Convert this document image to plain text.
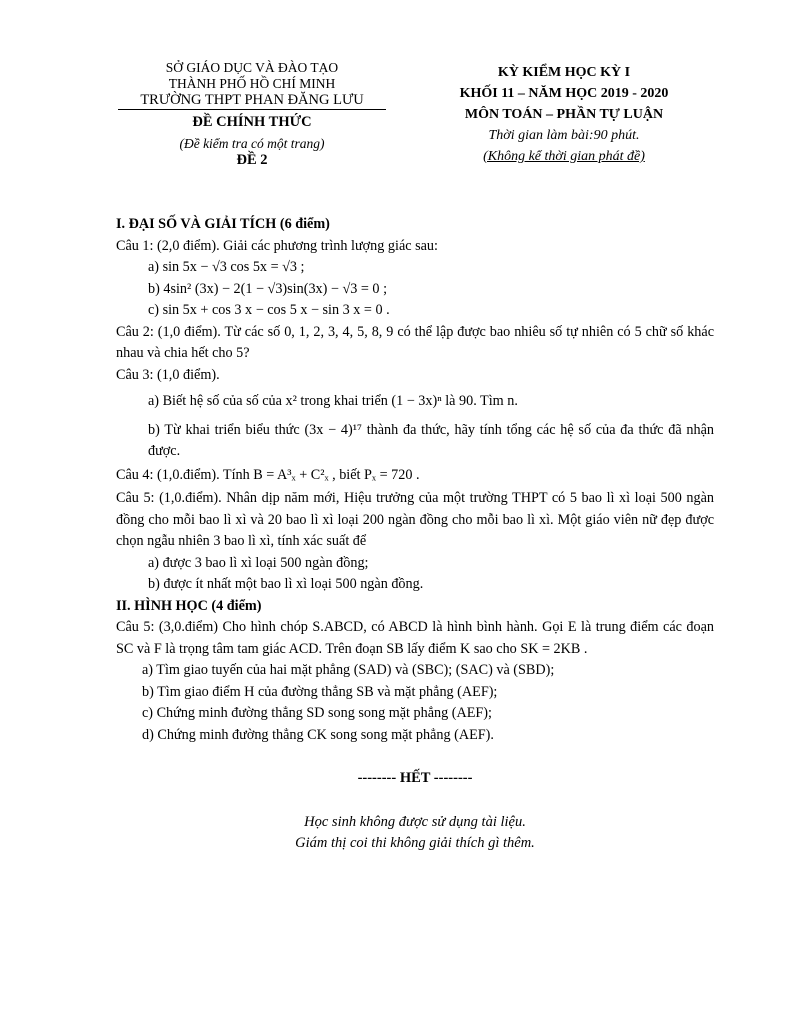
SỞ GIÁO DỤC VÀ ĐÀO TẠO
THÀNH PHỐ HỒ CHÍ MINH
TRƯỜNG THPT PHAN ĐĂNG LƯU
ĐỀ CHÍNH THỨC
(Đề kiểm tra có một trang)
ĐỀ 2
KỲ KIỂM HỌC KỲ I
KHỐI 11 – NĂM HỌC 2019 - 2020
MÔN TOÁN – PHẦN TỰ LUẬN
Thời gian làm bài:90 phút.
(Không kể thời gian phát đề)
I. ĐẠI SỐ VÀ GIẢI TÍCH (6 điểm)
Câu 1: (2,0 điểm). Giải các phương trình lượng giác sau:
a) sin 5x − √3 cos 5x = √3 ;
b) 4sin² (3x) − 2(1 − √3)sin(3x) − √3 = 0 ;
c) sin 5x + cos 3 x − cos 5 x − sin 3 x = 0 .
Câu 2: (1,0 điểm). Từ các số 0, 1, 2, 3, 4, 5, 8, 9 có thể lập được bao nhiêu số tự nhiên có 5 chữ số khác nhau và chia hết cho 5?
Câu 3: (1,0 điểm).
a) Biết hệ số của số của x² trong khai triển (1 − 3x)ⁿ là 90. Tìm n.
b) Từ khai triển biểu thức (3x − 4)¹⁷ thành đa thức, hãy tính tổng các hệ số của đa thức đã nhận được.
Câu 4: (1,0.điểm). Tính B = A³ₓ + C²ₓ , biết Pₓ = 720 .
Câu 5: (1,0.điểm). Nhân dịp năm mới, Hiệu trưởng của một trường THPT có 5 bao lì xì loại 500 ngàn đồng cho mỗi bao lì xì và 20 bao lì xì loại 200 ngàn đồng cho mỗi bao lì xì. Một giáo viên nữ đẹp được chọn ngẫu nhiên 3 bao lì xì, tính xác suất để
a) được 3 bao lì xì loại 500 ngàn đồng;
b) được ít nhất một bao lì xì loại 500 ngàn đồng.
II. HÌNH HỌC (4 điểm)
Câu 5: (3,0.điểm) Cho hình chóp S.ABCD, có ABCD là hình bình hành. Gọi E là trung điểm các đoạn SC và F là trọng tâm tam giác ACD. Trên đoạn SB lấy điểm K sao cho SK = 2KB .
a) Tìm giao tuyến của hai mặt phẳng (SAD) và (SBC); (SAC) và (SBD);
b) Tìm giao điểm H của đường thẳng SB và mặt phẳng (AEF);
c) Chứng minh đường thẳng SD song song mặt phẳng (AEF);
d) Chứng minh đường thẳng CK song song mặt phẳng (AEF).
-------- HẾT --------
Học sinh không được sử dụng tài liệu.
Giám thị coi thi không giải thích gì thêm.
